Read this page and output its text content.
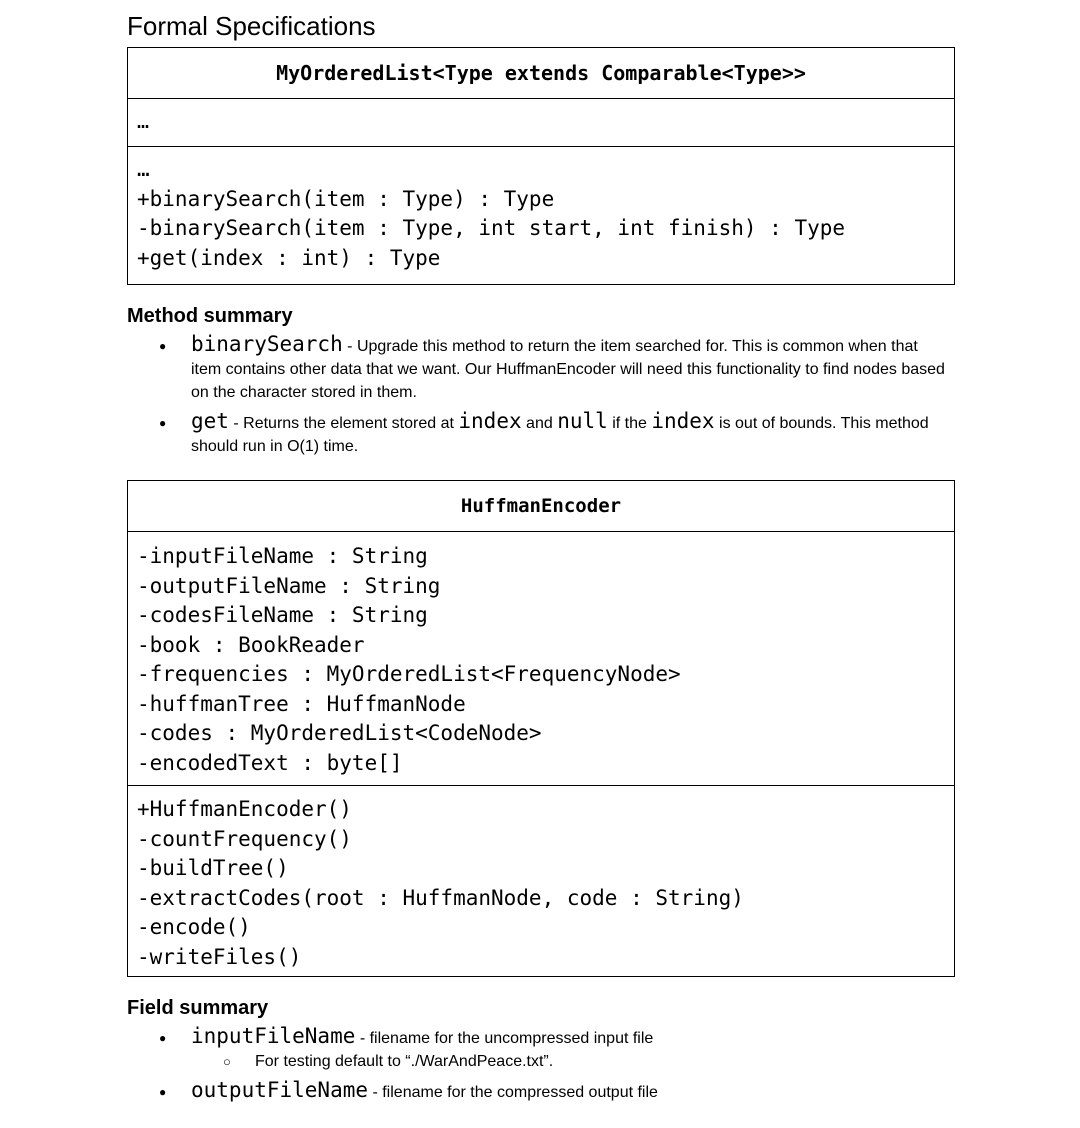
Formal Specifications
MyOrderedList<Type extends Comparable<Type>>
…
…
+binarySearch(item : Type) : Type
-binarySearch(item : Type, int start, int finish) : Type
+get(index : int) : Type
Method summary
● binarySearch - Upgrade this method to return the item searched for. This is common when that item contains other data that we want. Our HuffmanEncoder will need this functionality to find nodes based on the character stored in them.
● get - Returns the element stored at index and null if the index is out of bounds. This method should run in O(1) time.
HuffmanEncoder
-inputFileName : String
-outputFileName : String
-codesFileName : String
-book : BookReader
-frequencies : MyOrderedList<FrequencyNode>
-huffmanTree : HuffmanNode
-codes : MyOrderedList<CodeNode>
-encodedText : byte[]
+HuffmanEncoder()
-countFrequency()
-buildTree()
-extractCodes(root : HuffmanNode, code : String)
-encode()
-writeFiles()
Field summary
● inputFileName - filename for the uncompressed input file
○ For testing default to “./WarAndPeace.txt”.
● outputFileName - filename for the compressed output file
